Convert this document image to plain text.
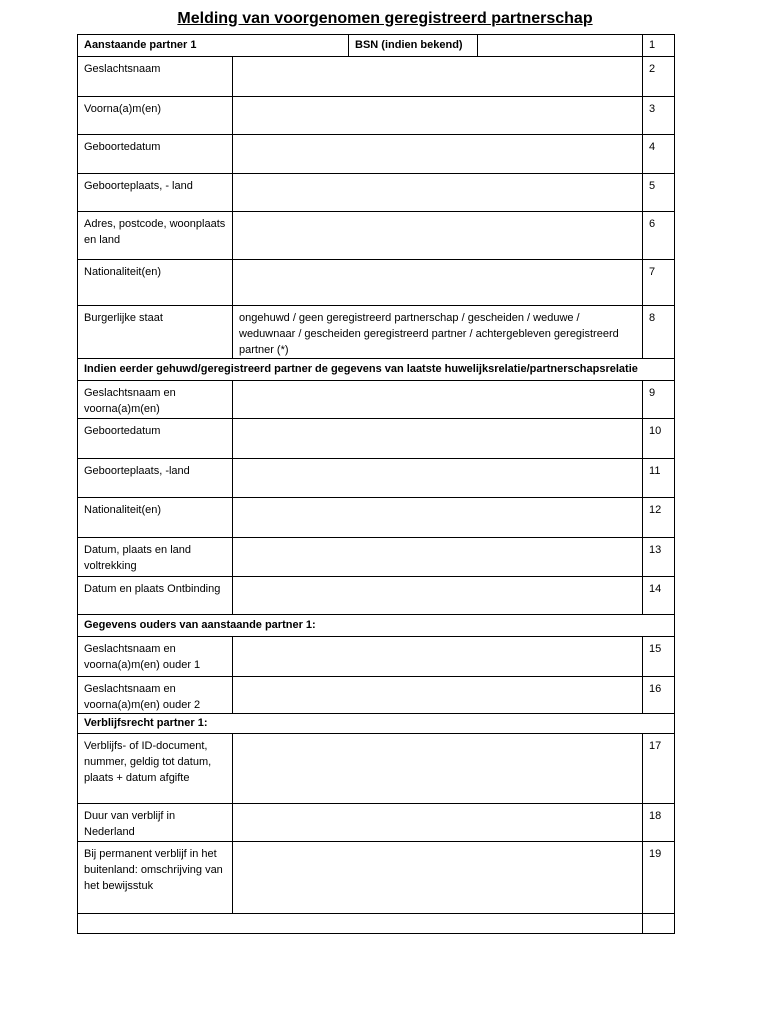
Melding van voorgenomen geregistreerd partnerschap
Aanstaande partner 1		BSN (indien bekend)		1
Geslachtsnaam				2
Voorna(a)m(en)				3
Geboortedatum				4
Geboorteplaats, - land				5
Adres, postcode, woonplaats en land				6
Nationaliteit(en)				7
Burgerlijke staat	ongehuwd / geen geregistreerd partnerschap / gescheiden / weduwe / weduwnaar / gescheiden geregistreerd partner / achtergebleven geregistreerd partner (*)			8
Indien eerder gehuwd/geregistreerd partner de gegevens van laatste huwelijksrelatie/partnerschapsrelatie				
Geslachtsnaam en voorna(a)m(en)				9
Geboortedatum				10
Geboorteplaats, -land				11
Nationaliteit(en)				12
Datum, plaats en land voltrekking				13
Datum en plaats Ontbinding				14
Gegevens ouders van aanstaande partner 1:				
Geslachtsnaam en voorna(a)m(en) ouder 1				15
Geslachtsnaam en voorna(a)m(en) ouder 2				16
Verblijfsrecht partner 1:				
Verblijfs- of ID-document, nummer, geldig tot datum, plaats + datum afgifte				17
Duur van verblijf in Nederland				18
Bij permanent verblijf in het buitenland: omschrijving van het bewijsstuk				19
